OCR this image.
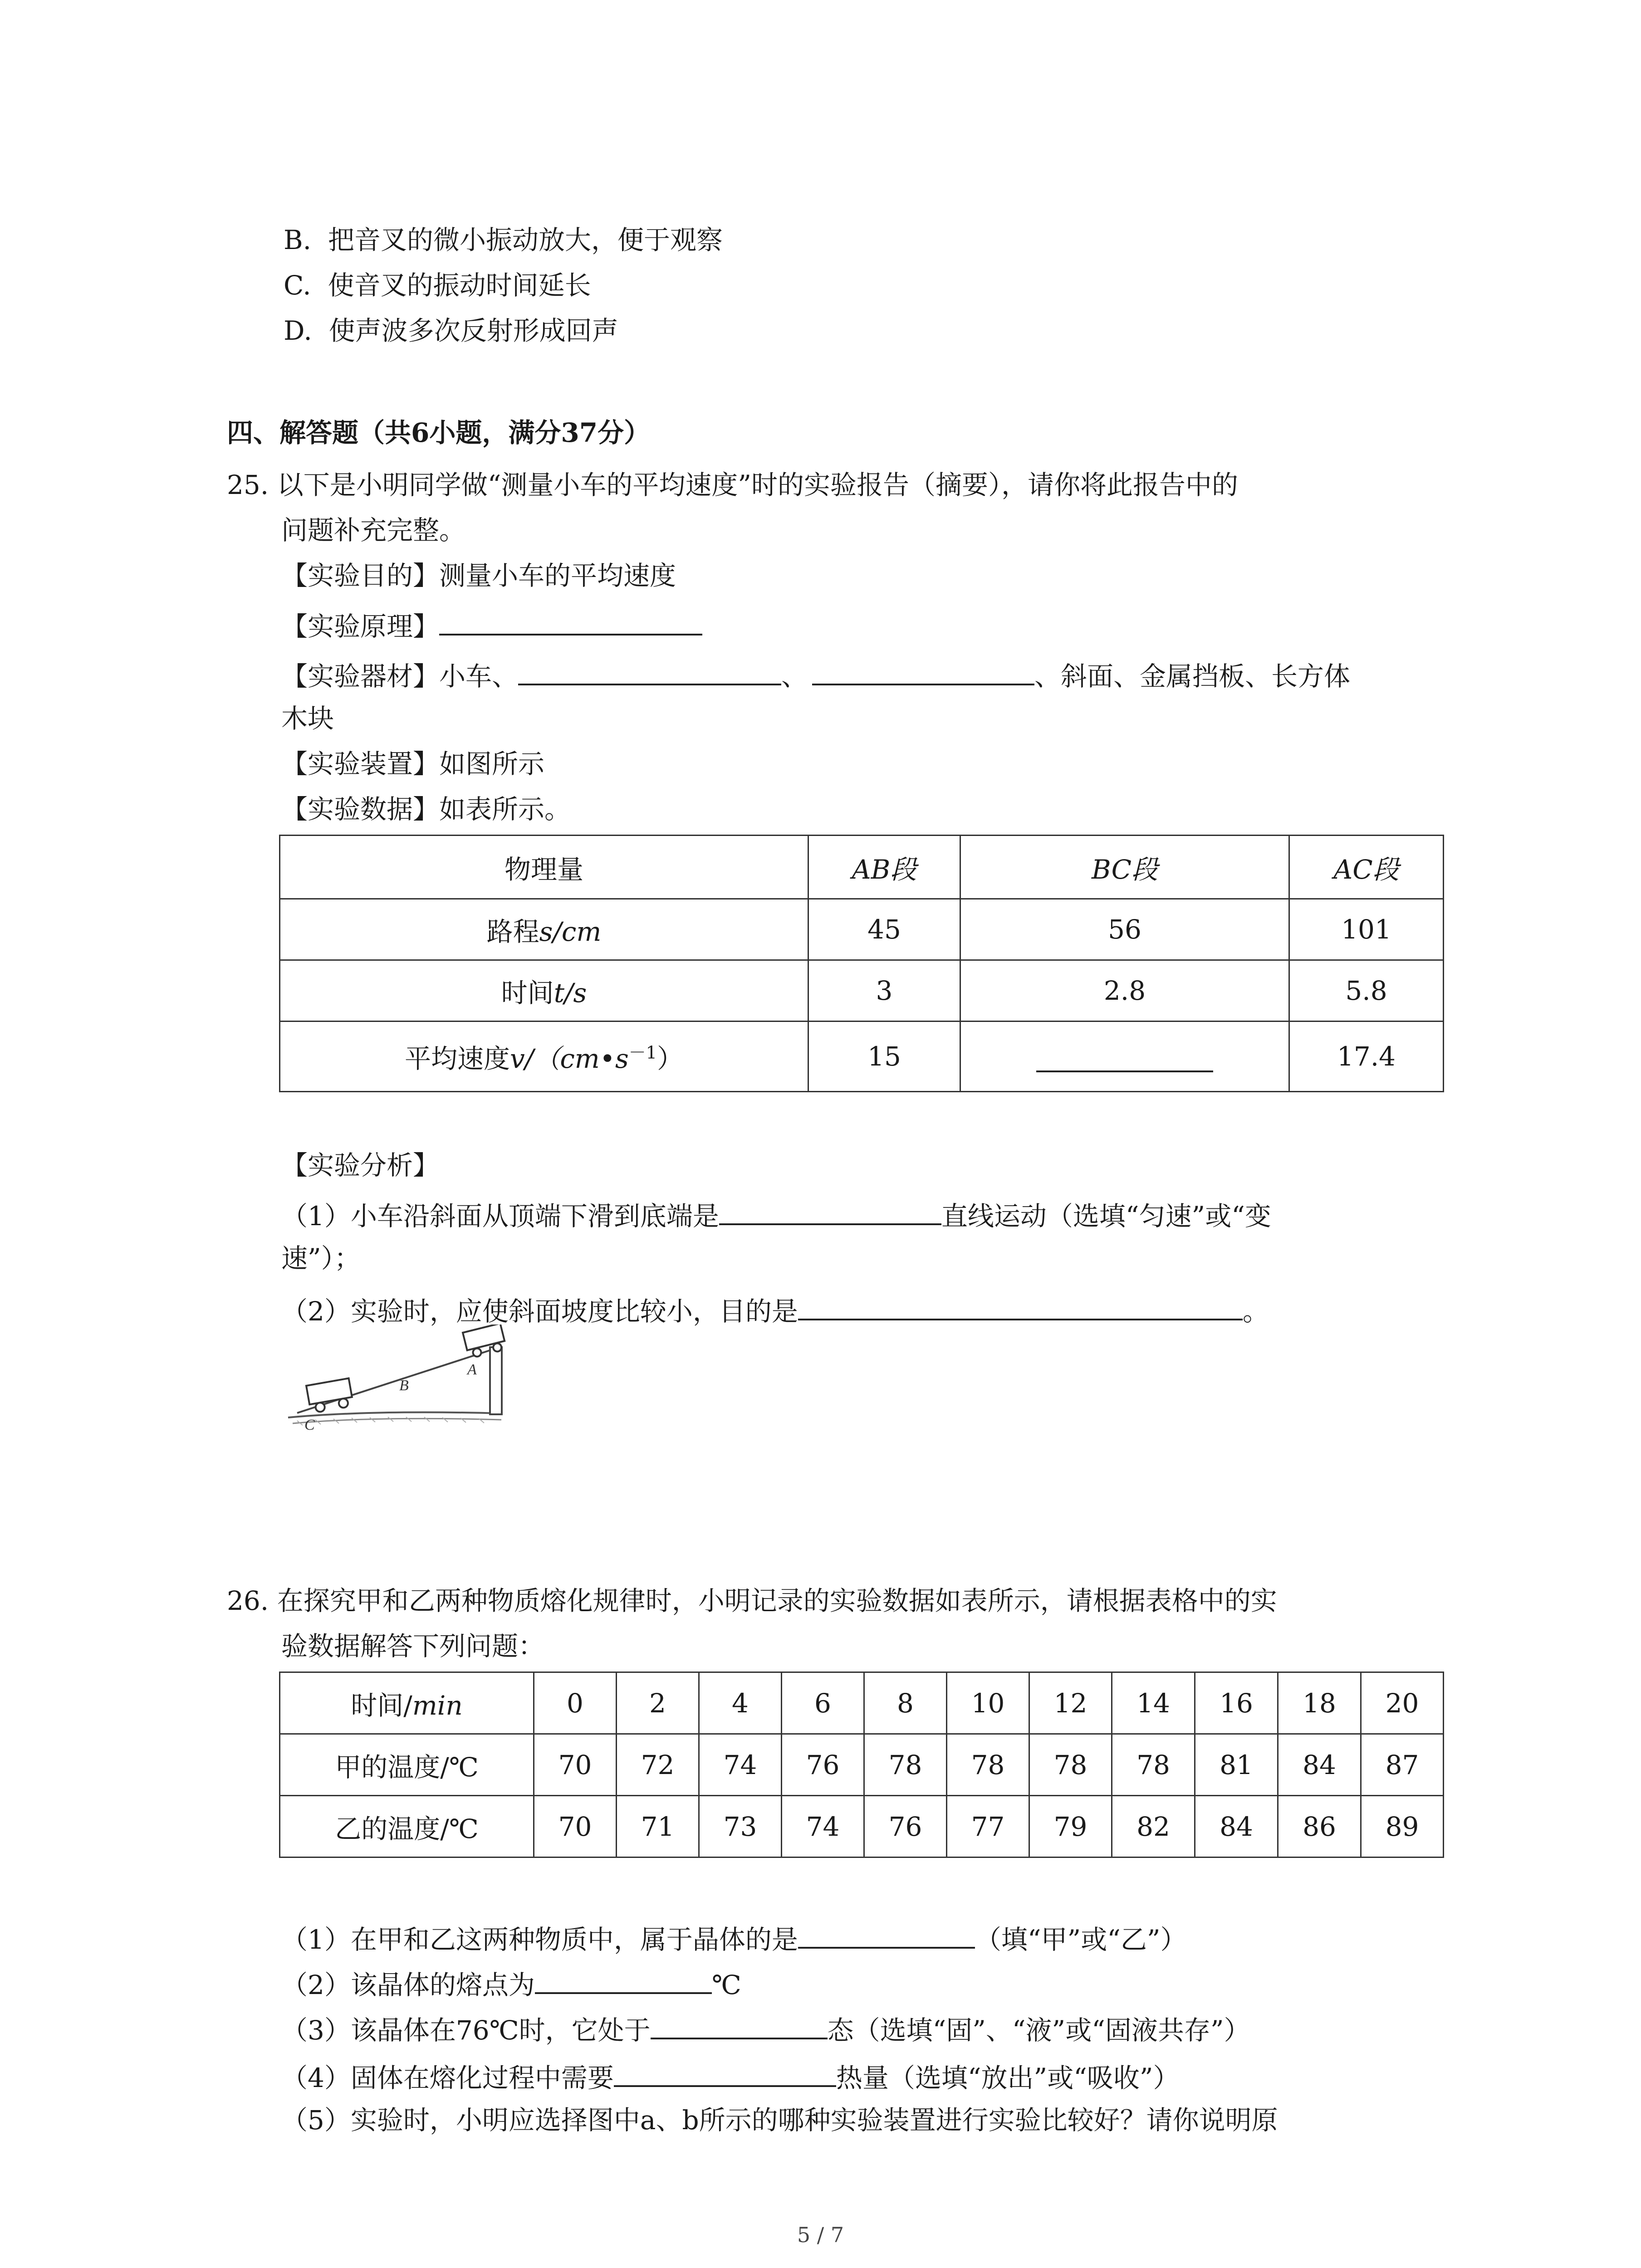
B. 把音叉的微小振动放大，便于观察
C. 使音叉的振动时间延长
D. 使声波多次反射形成回声
四、解答题（共6小题，满分37分）
25. 以下是小明同学做“测量小车的平均速度”时的实验报告（摘要），请你将此报告中的
问题补充完整。
【实验目的】测量小车的平均速度
【实验原理】
【实验器材】小车、	、	、斜面、金属挡板、长方体
木块
【实验装置】如图所示
【实验数据】如表所示。
物理量	AB段	BC段	AC段
路程s/cm	45	56	101
时间t/s	3	2.8	5.8
平均速度$v/(cm•s^{-1})$	15		17.4
【实验分析】
（1）小车沿斜面从顶端下滑到底端是	直线运动（选填“匀速”或“变
速”）；
（2）实验时，应使斜面坡度比较小，目的是	。
A
B
C
26. 在探究甲和乙两种物质熔化规律时，小明记录的实验数据如表所示，请根据表格中的实
验数据解答下列问题：
时间/min	0	2	4	6	8	10	12	14	16	18	20
甲的温度/℃	70	72	74	76	78	78	78	78	81	84	87
乙的温度/℃	70	71	73	74	76	77	79	82	84	86	89
（1）在甲和乙这两种物质中，属于晶体的是	（填“甲”或“乙”）
（2）该晶体的熔点为	℃
（3）该晶体在76℃时，它处于	态（选填“固”、“液”或“固液共存”）
（4）固体在熔化过程中需要	热量（选填“放出”或“吸收”）
（5）实验时，小明应选择图中a、b所示的哪种实验装置进行实验比较好？请你说明原
5 / 7
